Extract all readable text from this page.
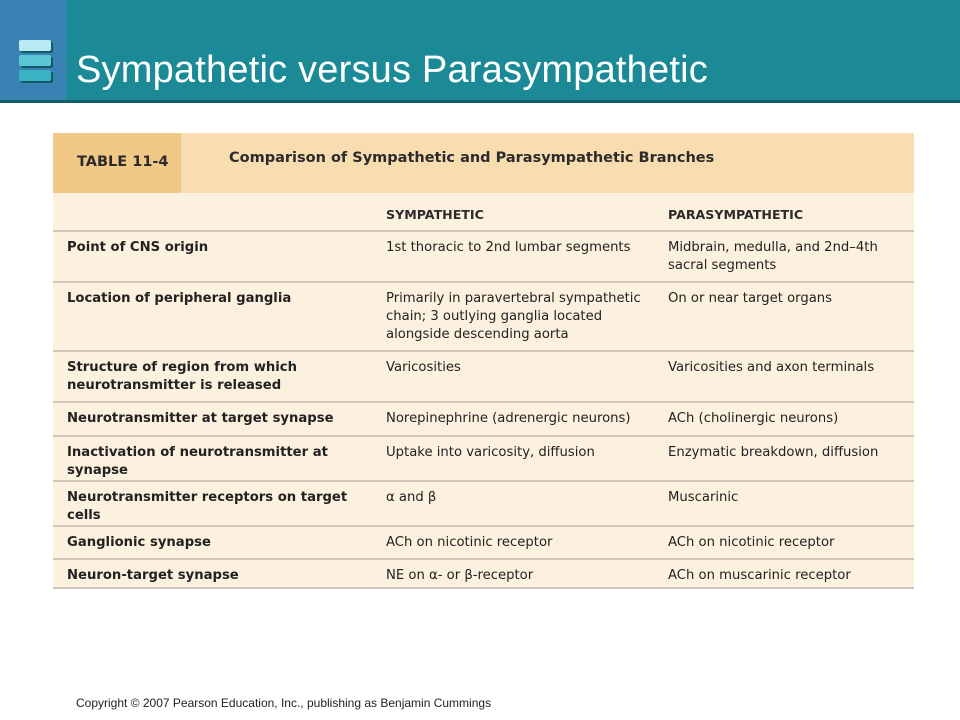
Sympathetic versus Parasympathetic
TABLE 11-4	Comparison of Sympathetic and Parasympathetic Branches
	SYMPATHETIC	PARASYMPATHETIC
Point of CNS origin	1st thoracic to 2nd lumbar segments	Midbrain, medulla, and 2nd–4th sacral segments
Location of peripheral ganglia	Primarily in paravertebral sympathetic chain; 3 outlying ganglia located alongside descending aorta	On or near target organs
Structure of region from which neurotransmitter is released	Varicosities	Varicosities and axon terminals
Neurotransmitter at target synapse	Norepinephrine (adrenergic neurons)	ACh (cholinergic neurons)
Inactivation of neurotransmitter at synapse	Uptake into varicosity, diffusion	Enzymatic breakdown, diffusion
Neurotransmitter receptors on target cells	α and β	Muscarinic
Ganglionic synapse	ACh on nicotinic receptor	ACh on nicotinic receptor
Neuron-target synapse	NE on α- or β-receptor	ACh on muscarinic receptor
Copyright © 2007 Pearson Education, Inc., publishing as Benjamin Cummings
